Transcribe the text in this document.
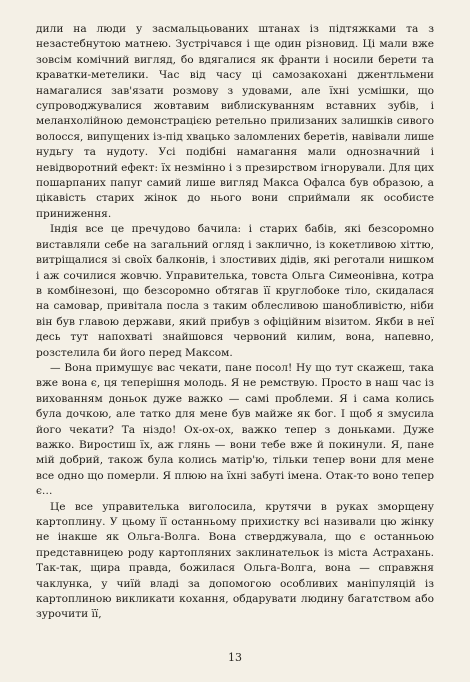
дили на люди у засмальцьованих штанах із підтяжками та з незастебнутою матнею. Зустрічався і ще один різновид. Ці мали вже зовсім комічний вигляд, бо вдягалися як франти і носили берети та краватки-метелики. Час від часу ці самозакохані джентльмени намагалися зав'язати розмову з удовами, але їхні усмішки, що супроводжувалися жовтавим виблискуванням вставних зубів, і меланхолійною демонстрацією ретельно прилизаних залишків сивого волосся, випущених із-під хвацько заломлених беретів, навівали лише нудьгу та нудоту. Усі подібні намагання мали однозначний і невідворотний ефект: їх незмінно і з презирством ігнорували. Для цих пошарпаних папуг самий лише вигляд Макса Офалса був образою, а цікавість старих жінок до нього вони сприймали як особисте приниження.

Індія все це пречудово бачила: і старих бабів, які безсоромно виставляли себе на загальний огляд і заклично, із кокетливою хіттю, витріщалися зі своїх балконів, і злостивих дідів, які реготали нишком і аж сочилися жовчю. Управителька, товста Ольга Симеонівна, котра в комбінезоні, що безсоромно обтягав її круглобоке тіло, скидалася на самовар, привітала посла з таким облесливою шанобливістю, ніби він був главою держави, який прибув з офіційним візитом. Якби в неї десь тут напохваті знайшовся червоний килим, вона, напевно, розстелила би його перед Максом.

— Вона примушує вас чекати, пане посол! Ну що тут скажеш, така вже вона є, ця теперішня молодь. Я не ремствую. Просто в наш час із вихованням доньок дуже важко — самі проблеми. Я і сама колись була дочкою, але татко для мене був майже як бог. І щоб я змусила його чекати? Та ніздо! Ох-ох-ох, важко тепер з доньками. Дуже важко. Виростиш їх, аж глянь — вони тебе вже й покинули. Я, пане мій добрий, також була колись матір'ю, тільки тепер вони для мене все одно що померли. Я плюю на їхні забуті імена. Отак-то воно тепер є…

Це все управителька виголосила, крутячи в руках зморщену картоплину. У цьому її останньому прихистку всі називали цю жінку не інакше як Ольга-Волга. Вона стверджувала, що є останньою представницею роду картопляних заклинательок із міста Астрахань. Так-так, щира правда, божилася Ольга-Волга, вона — справжня чаклунка, у чиїй владі за допомогою особливих маніпуляцій із картоплиною викликати кохання, обдарувати людину багатством або зурочити її,

13
